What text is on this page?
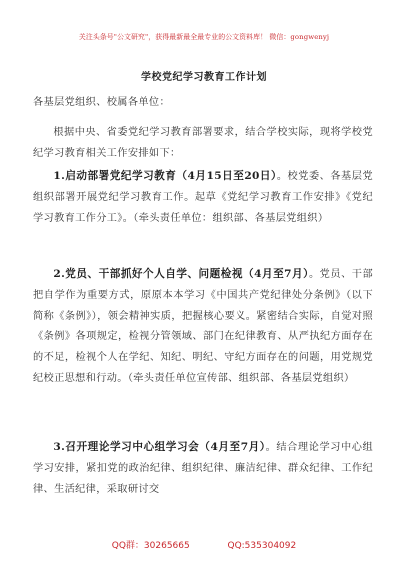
关注头条号"公文研究"，获得最新最全最专业的公文资料库！ 微信：gongwenyj
学校党纪学习教育工作计划
各基层党组织、校属各单位：
根据中央、省委党纪学习教育部署要求，结合学校实际，现将学校党纪学习教育相关工作安排如下：
1.启动部署党纪学习教育（4月15日至20日）。校党委、各基层党组织部署开展党纪学习教育工作。起草《党纪学习教育工作安排》《党纪学习教育工作分工》。（牵头责任单位：组织部、各基层党组织）
2.党员、干部抓好个人自学、问题检视（4月至7月）。党员、干部把自学作为重要方式，原原本本学习《中国共产党纪律处分条例》（以下简称《条例》），领会精神实质，把握核心要义。紧密结合实际，自觉对照《条例》各项规定，检视分管领域、部门在纪律教育、从严执纪方面存在的不足，检视个人在学纪、知纪、明纪、守纪方面存在的问题，用党规党纪校正思想和行动。（牵头责任单位宣传部、组织部、各基层党组织）
3.召开理论学习中心组学习会（4月至7月）。结合理论学习中心组学习安排，紧扣党的政治纪律、组织纪律、廉洁纪律、群众纪律、工作纪律、生活纪律，采取研讨交
QQ群：30265665	QQ:535304092
